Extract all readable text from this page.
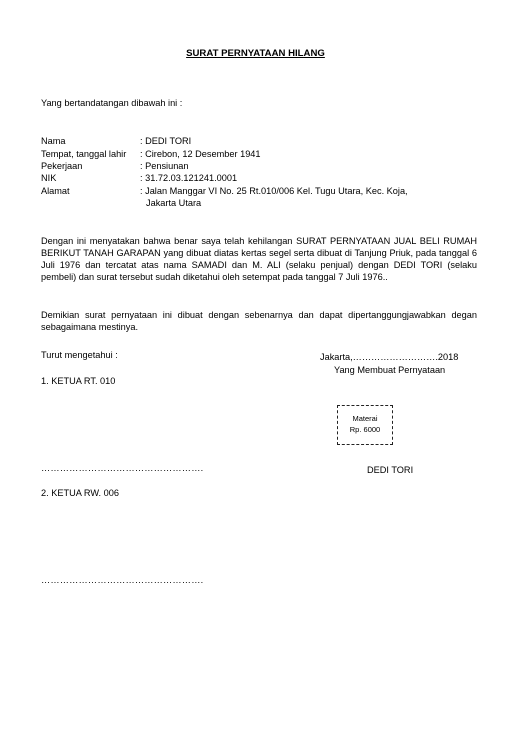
SURAT PERNYATAAN HILANG
Yang bertandatangan dibawah ini :
Nama	: DEDI TORI
Tempat, tanggal lahir : Cirebon, 12 Desember 1941
Pekerjaan	: Pensiunan
NIK	: 31.72.03.121241.0001
Alamat	: Jalan Manggar VI No. 25 Rt.010/006 Kel. Tugu Utara, Kec. Koja,
Jakarta Utara
Dengan ini menyatakan bahwa benar saya telah kehilangan SURAT PERNYATAAN JUAL BELI RUMAH BERIKUT TANAH GARAPAN yang dibuat diatas kertas segel serta dibuat di Tanjung Priuk, pada tanggal 6 Juli 1976 dan tercatat atas nama SAMADI dan M. ALI (selaku penjual) dengan DEDI TORI (selaku pembeli) dan surat tersebut sudah diketahui oleh setempat pada tanggal 7 Juli 1976..
Demikian surat pernyataan ini dibuat dengan sebenarnya dan dapat dipertanggungjawabkan degan sebagaimana mestinya.
Turut mengetahui :	Jakarta,……………………….2018
Yang Membuat Pernyataan
1. KETUA RT. 010
Materai
Rp. 6000
…………………………………………….	DEDI TORI
2. KETUA RW. 006
…………………………………………….
